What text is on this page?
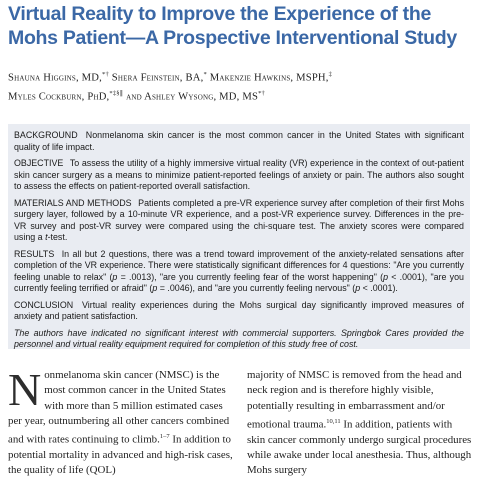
Virtual Reality to Improve the Experience of the Mohs Patient—A Prospective Interventional Study
Shauna Higgins, MD,*† Shera Feinstein, BA,* Makenzie Hawkins, MSPH,‡
Myles Cockburn, PhD,*‡§∥ and Ashley Wysong, MD, MS*†

BACKGROUND Nonmelanoma skin cancer is the most common cancer in the United States with significant quality of life impact.

OBJECTIVE To assess the utility of a highly immersive virtual reality (VR) experience in the context of out-patient skin cancer surgery as a means to minimize patient-reported feelings of anxiety or pain. The authors also sought to assess the effects on patient-reported overall satisfaction.

MATERIALS AND METHODS Patients completed a pre-VR experience survey after completion of their first Mohs surgery layer, followed by a 10-minute VR experience, and a post-VR experience survey. Differences in the pre-VR survey and post-VR survey were compared using the chi-square test. The anxiety scores were compared using a t-test.

RESULTS In all but 2 questions, there was a trend toward improvement of the anxiety-related sensations after completion of the VR experience. There were statistically significant differences for 4 questions: "Are you currently feeling unable to relax" (p = .0013), "are you currently feeling fear of the worst happening" (p < .0001), "are you currently feeling terrified or afraid" (p = .0046), and "are you currently feeling nervous" (p < .0001).

CONCLUSION Virtual reality experiences during the Mohs surgical day significantly improved measures of anxiety and patient satisfaction.

The authors have indicated no significant interest with commercial supporters. Springbok Cares provided the personnel and virtual reality equipment required for completion of this study free of cost.

Nonmelanoma skin cancer (NMSC) is the most common cancer in the United States with more than 5 million estimated cases per year, outnumbering all other cancers combined and with rates continuing to climb.$^{1-7}$ In addition to potential mortality in advanced and high-risk cases, the quality of life (QOL)

majority of NMSC is removed from the head and neck region and is therefore highly visible, potentially resulting in embarrassment and/or emotional trauma.$^{10,11}$ In addition, patients with skin cancer commonly undergo surgical procedures while awake under local anesthesia. Thus, although Mohs surgery
